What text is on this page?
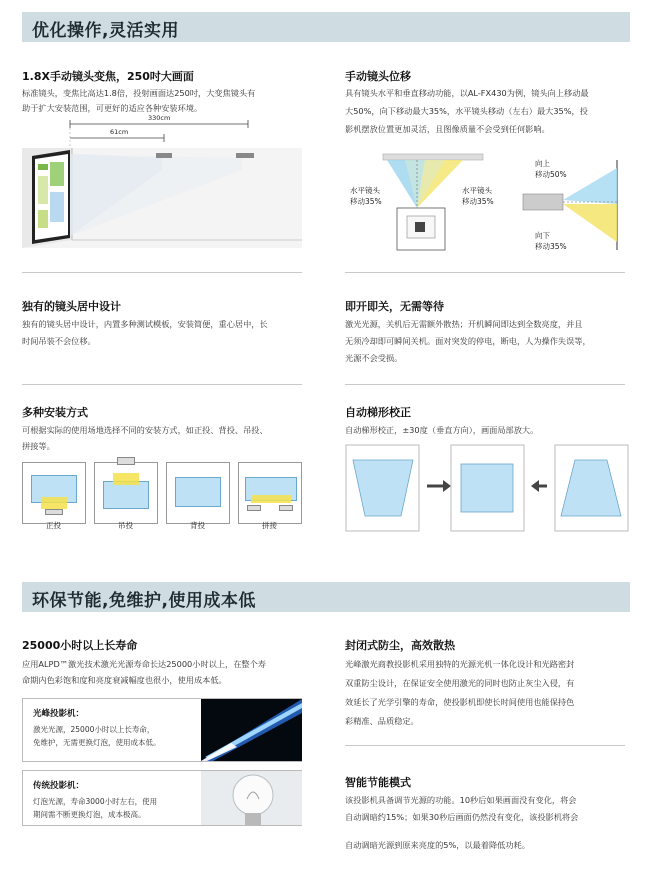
优化操作,灵活实用
1.8X手动镜头变焦，250吋大画面
标准镜头，变焦比高达1.8倍，投射画面达250吋，大变焦镜头有
助于扩大安装范围，可更好的适应各种安装环境。
330cm
61cm
手动镜头位移
具有镜头水平和垂直移动功能，以AL-FX430为例，镜头向上移动最
大50%，向下移动最大35%，水平镜头移动（左右）最大35%，投
影机摆放位置更加灵活，且图像质量不会受到任何影响。
水平镜头
移动35%
水平镜头
移动35%
向上
移动50%
向下
移动35%
独有的镜头居中设计
独有的镜头居中设计，内置多种测试模板，安装简便，重心居中，长
时间吊装不会位移。
即开即关，无需等待
激光光源，关机后无需额外散热；开机瞬间即达到全数亮度，并且
无须冷却即可瞬间关机。面对突发的停电，断电，人为操作失误等，
光源不会受损。
多种安装方式
可根据实际的使用场地选择不同的安装方式，如正投、背投、吊投、
拼接等。
正投	吊投	背投	拼接
自动梯形校正
自动梯形校正，±30度（垂直方向），画面局部放大。
环保节能,免维护,使用成本低
25000小时以上长寿命
应用ALPD™激光技术激光光源寿命长达25000小时以上，在整个寿
命期内色彩饱和度和亮度衰减幅度也很小，使用成本低。
光峰投影机：
激光光源，25000小时以上长寿命，
免维护，无需更换灯泡，使用成本低。
传统投影机：
灯泡光源，寿命3000小时左右，使用
期间需不断更换灯泡，成本极高。
封闭式防尘，高效散热
光峰激光商教投影机采用独特的光源光机一体化设计和光路密封
双重防尘设计，在保证安全使用激光的同时也防止灰尘入侵，有
效延长了光学引擎的寿命，使投影机即使长时间使用也能保持色
彩精准、品质稳定。
智能节能模式
该投影机具备调节光源的功能。10秒后如果画面没有变化，将会
自动调暗约15%；如果30秒后画面仍然没有变化，该投影机将会
自动调暗光源到原来亮度的5%，以最着降低功耗。
